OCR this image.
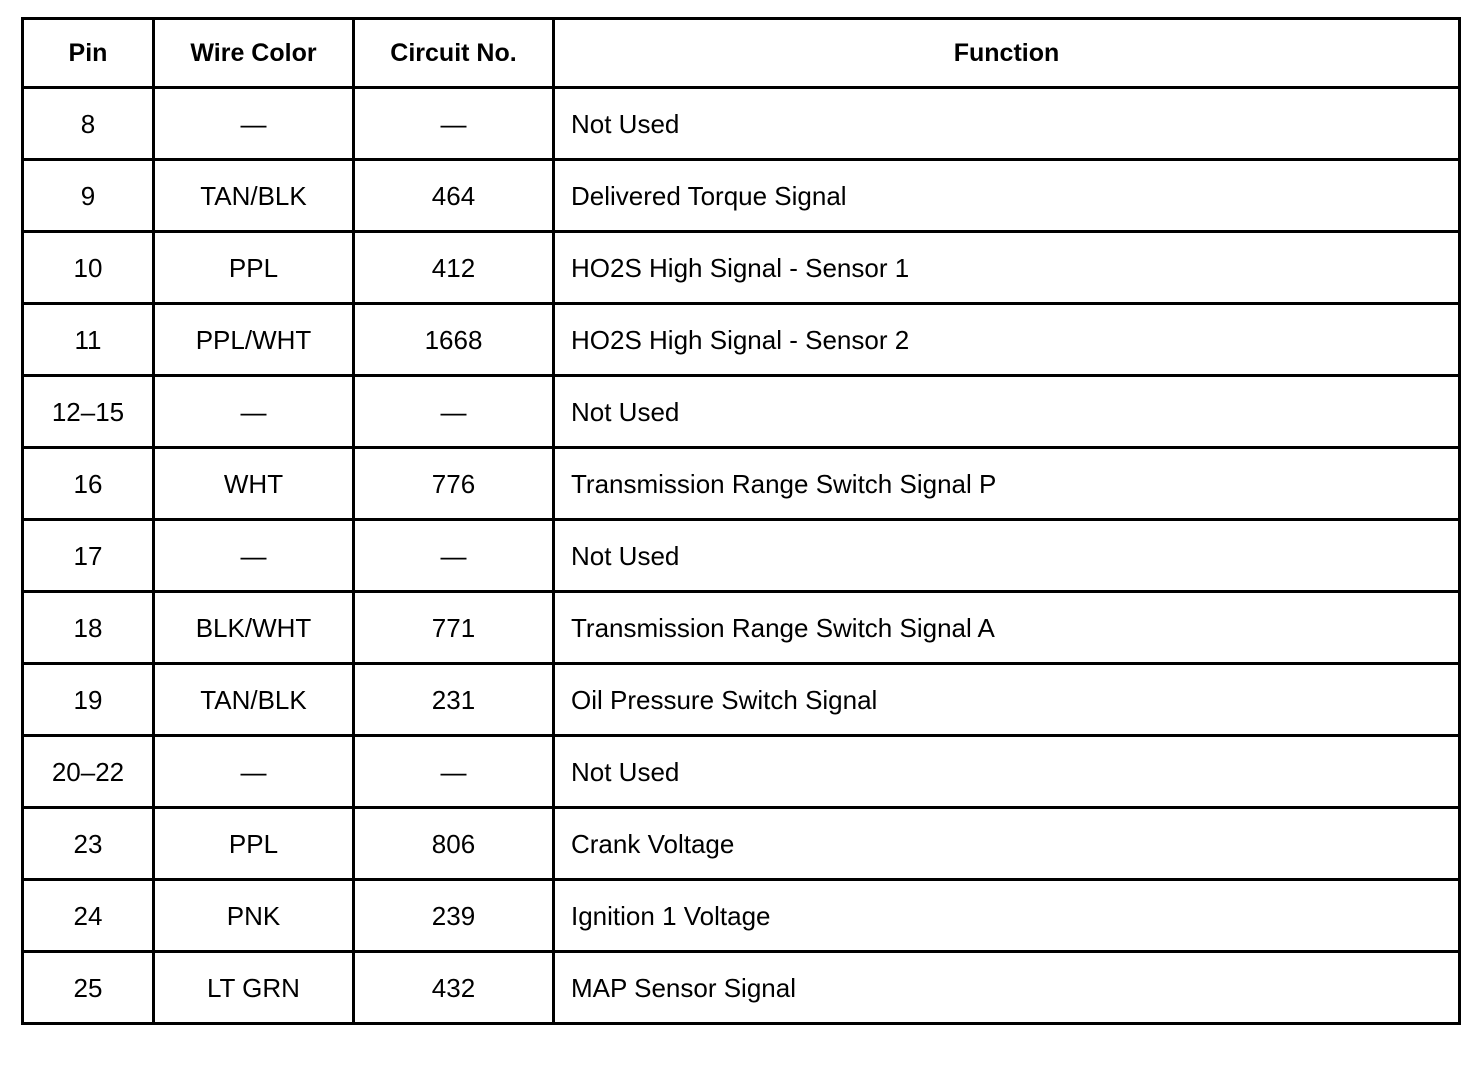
Pin	Wire Color	Circuit No.	Function
8	—	—	Not Used
9	TAN/BLK	464	Delivered Torque Signal
10	PPL	412	HO2S High Signal - Sensor 1
11	PPL/WHT	1668	HO2S High Signal - Sensor 2
12–15	—	—	Not Used
16	WHT	776	Transmission Range Switch Signal P
17	—	—	Not Used
18	BLK/WHT	771	Transmission Range Switch Signal A
19	TAN/BLK	231	Oil Pressure Switch Signal
20–22	—	—	Not Used
23	PPL	806	Crank Voltage
24	PNK	239	Ignition 1 Voltage
25	LT GRN	432	MAP Sensor Signal
